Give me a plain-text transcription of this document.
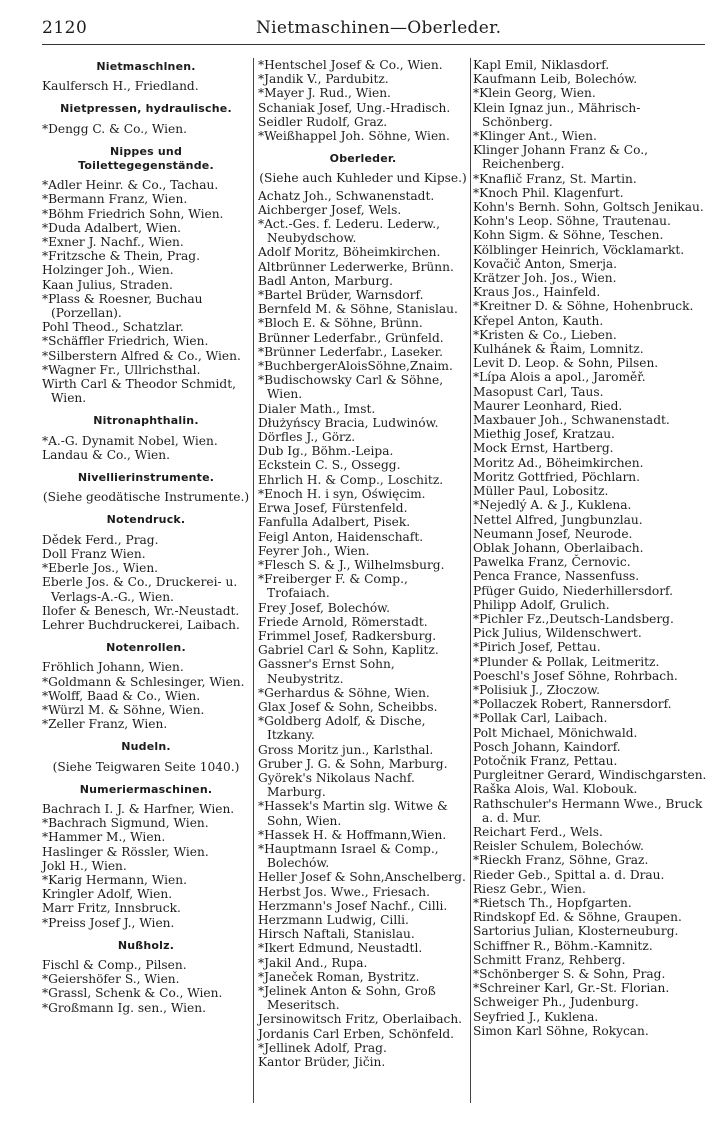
2120	Nietmaschinen—Oberleder.
Nietmaschlnen.
Kaulfersch H., Friedland.
Nietpressen, hydraulische.
*Dengg C. & Co., Wien.
Nippes und Toilettegegenstände.
*Adler Heinr. & Co., Tachau.
*Bermann Franz, Wien.
*Böhm Friedrich Sohn, Wien.
*Duda Adalbert, Wien.
*Exner J. Nachf., Wien.
*Fritzsche & Thein, Prag.
Holzinger Joh., Wien.
Kaan Julius, Straden.
*Plass & Roesner, Buchau (Porzellan).
Pohl Theod., Schatzlar.
*Schäffler Friedrich, Wien.
*Silberstern Alfred & Co., Wien.
*Wagner Fr., Ullrichsthal.
Wirth Carl & Theodor Schmidt, Wien.
Nitronaphthalin.
*A.-G. Dynamit Nobel, Wien.
Landau & Co., Wien.
Nivellierinstrumente.
(Siehe geodätische Instrumente.)
Notendruck.
Dědek Ferd., Prag.
Doll Franz Wien.
*Eberle Jos., Wien.
Eberle Jos. & Co., Druckerei- u. Verlags-A.-G., Wien.
Ilofer & Benesch, Wr.-Neustadt.
Lehrer Buchdruckerei, Laibach.
Notenrollen.
Fröhlich Johann, Wien.
*Goldmann & Schlesinger, Wien.
*Wolff, Baad & Co., Wien.
*Würzl M. & Söhne, Wien.
*Zeller Franz, Wien.
Nudeln.
(Siehe Teigwaren Seite 1040.)
Numeriermaschinen.
Bachrach I. J. & Harfner, Wien.
*Bachrach Sigmund, Wien.
*Hammer M., Wien.
Haslinger & Rössler, Wien.
Jokl H., Wien.
*Karig Hermann, Wien.
Kringler Adolf, Wien.
Marr Fritz, Innsbruck.
*Preiss Josef J., Wien.
Nußholz.
Fischl & Comp., Pilsen.
*Geiershöfer S., Wien.
*Grassl, Schenk & Co., Wien.
*Großmann Ig. sen., Wien.
*Hentschel Josef & Co., Wien.
*Jandik V., Pardubitz.
*Mayer J. Rud., Wien.
Schaniak Josef, Ung.-Hradisch.
Seidler Rudolf, Graz.
*Weißhappel Joh. Söhne, Wien.
Oberleder.
(Siehe auch Kuhleder und Kipse.)
Achatz Joh., Schwanenstadt.
Aichberger Josef, Wels.
*Act.-Ges. f. Lederu. Lederw., Neubydschow.
Adolf Moritz, Böheimkirchen.
Altbrünner Lederwerke, Brünn.
Badl Anton, Marburg.
*Bartel Brüder, Warnsdorf.
Bernfeld M. & Söhne, Stanislau.
*Bloch E. & Söhne, Brünn.
Brünner Lederfabr., Grünfeld.
*Brünner Lederfabr., Laseker.
*BuchbergerAloisSöhne,Znaim.
*Budischowsky Carl & Söhne, Wien.
Dialer Math., Imst.
Dłużyńscy Bracia, Ludwinów.
Dörfles J., Görz.
Dub Ig., Böhm.-Leipa.
Eckstein C. S., Ossegg.
Ehrlich H. & Comp., Loschitz.
*Enoch H. i syn, Oświęcim.
Erwa Josef, Fürstenfeld.
Fanfulla Adalbert, Pisek.
Feigl Anton, Haidenschaft.
Feyrer Joh., Wien.
*Flesch S. & J., Wilhelmsburg.
*Freiberger F. & Comp., Trofaiach.
Frey Josef, Bolechów.
Friede Arnold, Römerstadt.
Frimmel Josef, Radkersburg.
Gabriel Carl & Sohn, Kaplitz.
Gassner's Ernst Sohn, Neubystritz.
*Gerhardus & Söhne, Wien.
Glax Josef & Sohn, Scheibbs.
*Goldberg Adolf, & Dische, Itzkany.
Gross Moritz jun., Karlsthal.
Gruber J. G. & Sohn, Marburg.
Györek's Nikolaus Nachf. Marburg.
*Hassek's Martin slg. Witwe & Sohn, Wien.
*Hassek H. & Hoffmann,Wien.
*Hauptmann Israel & Comp., Bolechów.
Heller Josef & Sohn,Anschelberg.
Herbst Jos. Wwe., Friesach.
Herzmann's Josef Nachf., Cilli.
Herzmann Ludwig, Cilli.
Hirsch Naftali, Stanislau.
*Ikert Edmund, Neustadtl.
*Jakil And., Rupa.
*Janeček Roman, Bystritz.
*Jelinek Anton & Sohn, Groß Meseritsch.
Jersinowitsch Fritz, Oberlaibach.
Jordanis Carl Erben, Schönfeld.
*Jellinek Adolf, Prag.
Kantor Brüder, Jičin.
Kapl Emil, Niklasdorf.
Kaufmann Leib, Bolechów.
*Klein Georg, Wien.
Klein Ignaz jun., Mährisch-Schönberg.
*Klinger Ant., Wien.
Klinger Johann Franz & Co., Reichenberg.
*Knaflič Franz, St. Martin.
*Knoch Phil. Klagenfurt.
Kohn's Bernh. Sohn, Goltsch Jenikau.
Kohn's Leop. Söhne, Trautenau.
Kohn Sigm. & Söhne, Teschen.
Kölblinger Heinrich, Vöcklamarkt.
Kovačič Anton, Smerja.
Krätzer Joh. Jos., Wien.
Kraus Jos., Hainfeld.
*Kreitner D. & Söhne, Hohenbruck.
Křepel Anton, Kauth.
*Kristen & Co., Lieben.
Kulhánek & Řaim, Lomnitz.
Levit D. Leop. & Sohn, Pilsen.
*Lípa Alois a apol., Jaroměř.
Masopust Carl, Taus.
Maurer Leonhard, Ried.
Maxbauer Joh., Schwanenstadt.
Miethig Josef, Kratzau.
Mock Ernst, Hartberg.
Moritz Ad., Böheimkirchen.
Moritz Gottfried, Pöchlarn.
Müller Paul, Lobositz.
*Nejedlý A. & J., Kuklena.
Nettel Alfred, Jungbunzlau.
Neumann Josef, Neurode.
Oblak Johann, Oberlaibach.
Pawelka Franz, Černovic.
Penca France, Nassenfuss.
Pfüger Guido, Niederhillersdorf.
Philipp Adolf, Grulich.
*Pichler Fz.,Deutsch-Landsberg.
Pick Julius, Wildenschwert.
*Pirich Josef, Pettau.
*Plunder & Pollak, Leitmeritz.
Poeschl's Josef Söhne, Rohrbach.
*Polisiuk J., Złoczow.
*Pollaczek Robert, Rannersdorf.
*Pollak Carl, Laibach.
Polt Michael, Mönichwald.
Posch Johann, Kaindorf.
Potočnik Franz, Pettau.
Purgleitner Gerard, Windischgarsten.
Raška Alois, Wal. Klobouk.
Rathschuler's Hermann Wwe., Bruck a. d. Mur.
Reichart Ferd., Wels.
Reisler Schulem, Bolechów.
*Rieckh Franz, Söhne, Graz.
Rieder Geb., Spittal a. d. Drau.
Riesz Gebr., Wien.
*Rietsch Th., Hopfgarten.
Rindskopf Ed. & Söhne, Graupen.
Sartorius Julian, Klosterneuburg.
Schiffner R., Böhm.-Kamnitz.
Schmitt Franz, Rehberg.
*Schönberger S. & Sohn, Prag.
*Schreiner Karl, Gr.-St. Florian.
Schweiger Ph., Judenburg.
Seyfried J., Kuklena.
Simon Karl Söhne, Rokycan.
